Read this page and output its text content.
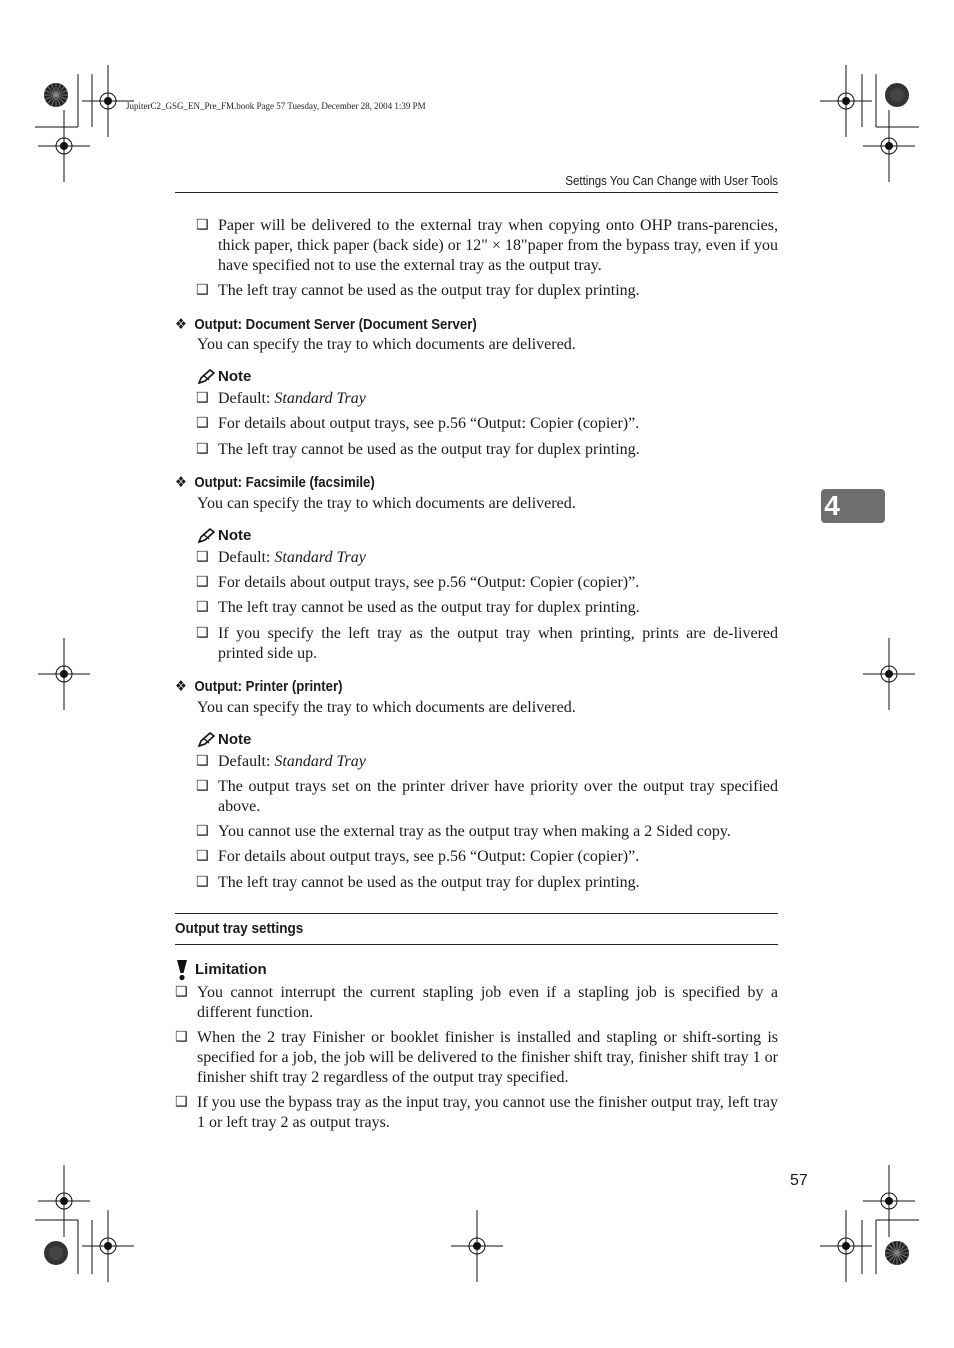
JupiterC2_GSG_EN_Pre_FM.book Page 57 Tuesday, December 28, 2004 1:39 PM
Settings You Can Change with User Tools
4
❑ Paper will be delivered to the external tray when copying onto OHP trans-parencies, thick paper, thick paper (back side) or 12" × 18"paper from the bypass tray, even if you have specified not to use the external tray as the output tray.
❑ The left tray cannot be used as the output tray for duplex printing.
❖ Output: Document Server (Document Server)
You can specify the tray to which documents are delivered.
Note
❑ Default: Standard Tray
❑ For details about output trays, see p.56 “Output: Copier (copier)”.
❑ The left tray cannot be used as the output tray for duplex printing.
❖ Output: Facsimile (facsimile)
You can specify the tray to which documents are delivered.
Note
❑ Default: Standard Tray
❑ For details about output trays, see p.56 “Output: Copier (copier)”.
❑ The left tray cannot be used as the output tray for duplex printing.
❑ If you specify the left tray as the output tray when printing, prints are de-livered printed side up.
❖ Output: Printer (printer)
You can specify the tray to which documents are delivered.
Note
❑ Default: Standard Tray
❑ The output trays set on the printer driver have priority over the output tray specified above.
❑ You cannot use the external tray as the output tray when making a 2 Sided copy.
❑ For details about output trays, see p.56 “Output: Copier (copier)”.
❑ The left tray cannot be used as the output tray for duplex printing.
Output tray settings
Limitation
❑ You cannot interrupt the current stapling job even if a stapling job is specified by a different function.
❑ When the 2 tray Finisher or booklet finisher is installed and stapling or shift-sorting is specified for a job, the job will be delivered to the finisher shift tray, finisher shift tray 1 or finisher shift tray 2 regardless of the output tray specified.
❑ If you use the bypass tray as the input tray, you cannot use the finisher output tray, left tray 1 or left tray 2 as output trays.
57
